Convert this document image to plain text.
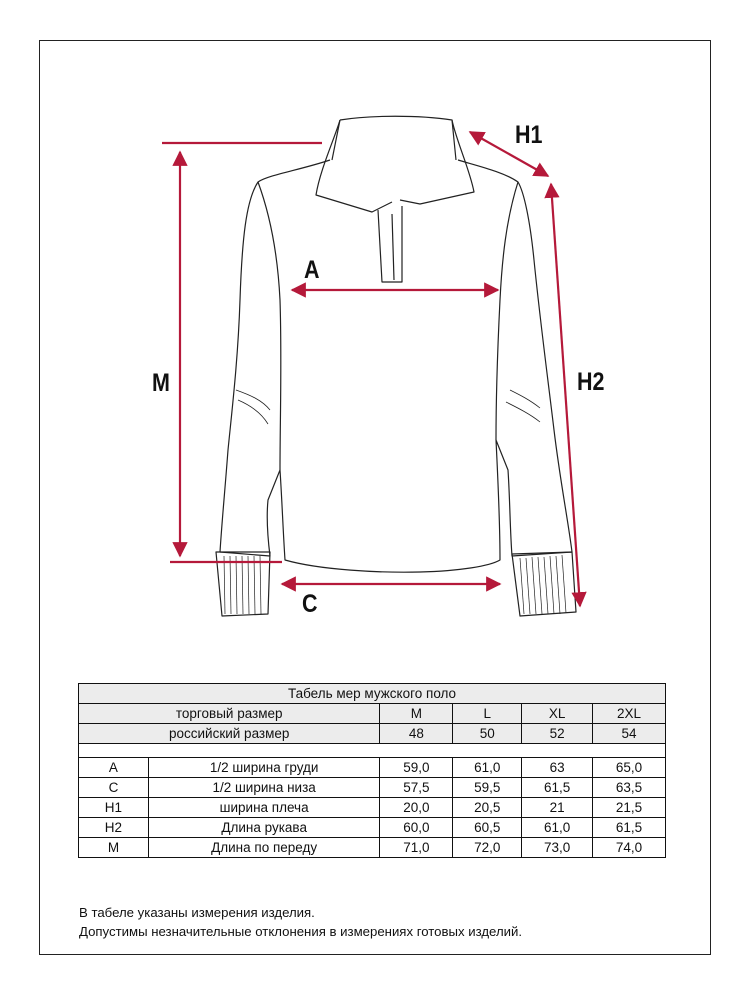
A
C
H1
H2
M
Табель мер мужского поло					
торговый размер		M	L	XL	2XL
российский размер		48	50	52	54

A	1/2 ширина груди	59,0	61,0	63	65,0
C	1/2 ширина низа	57,5	59,5	61,5	63,5
H1	ширина плеча	20,0	20,5	21	21,5
H2	Длина рукава	60,0	60,5	61,0	61,5
M	Длина по переду	71,0	72,0	73,0	74,0
В табеле указаны измерения изделия.
Допустимы незначительные отклонения в измерениях готовых изделий.
